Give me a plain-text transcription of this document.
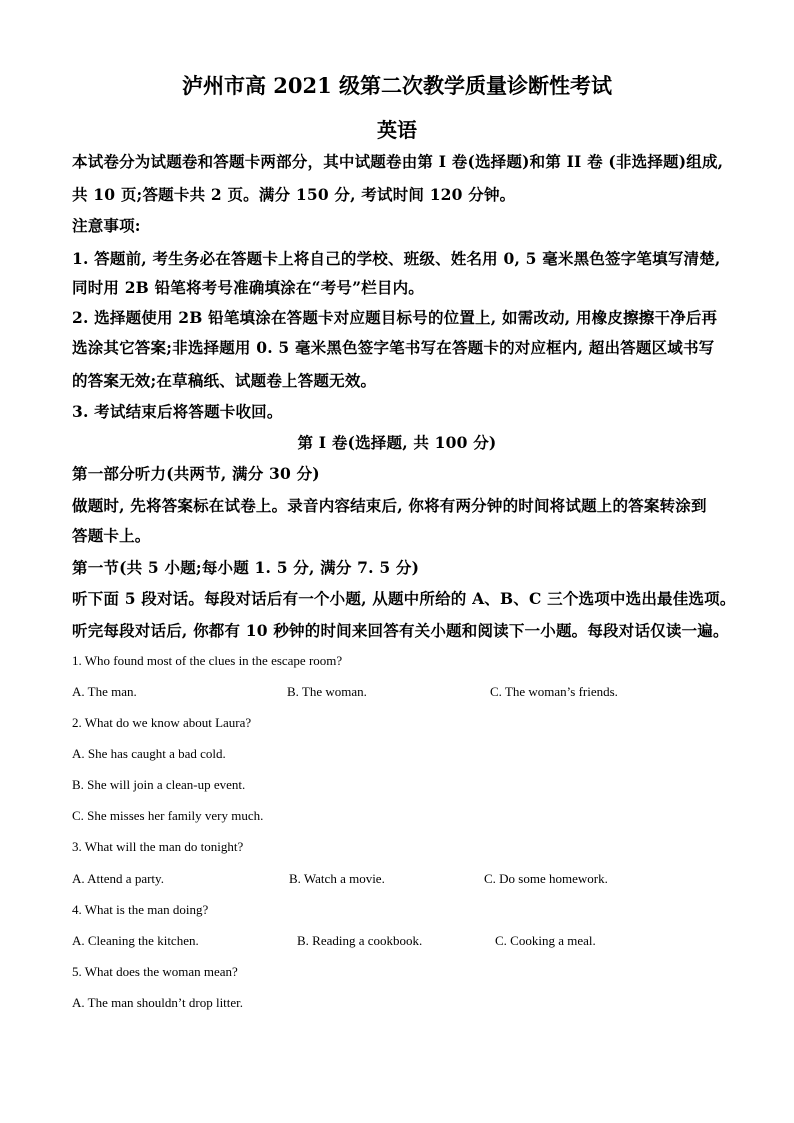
泸州市高 2021 级第二次教学质量诊断性考试
英语
本试卷分为试题卷和答题卡两部分，其中试题卷由第 I 卷(选择题)和第 II 卷 (非选择题)组成,
共 10 页;答题卡共 2 页。满分 150 分, 考试时间 120 分钟。
注意事项:
1. 答题前, 考生务必在答题卡上将自己的学校、班级、姓名用 0, 5 毫米黑色签字笔填写清楚,
同时用 2B 铅笔将考号准确填涂在“考号”栏目内。
2. 选择题使用 2B 铅笔填涂在答题卡对应题目标号的位置上, 如需改动, 用橡皮擦擦干净后再
选涂其它答案;非选择题用 0. 5 毫米黑色签字笔书写在答题卡的对应框内, 超出答题区域书写
的答案无效;在草稿纸、试题卷上答题无效。
3. 考试结束后将答题卡收回。
第 I 卷(选择题, 共 100 分)
第一部分听力(共两节, 满分 30 分)
做题时, 先将答案标在试卷上。录音内容结束后, 你将有两分钟的时间将试题上的答案转涂到
答题卡上。
第一节(共 5 小题;每小题 1. 5 分, 满分 7. 5 分)
听下面 5 段对话。每段对话后有一个小题, 从题中所给的 A、B、C 三个选项中选出最佳选项。
听完每段对话后, 你都有 10 秒钟的时间来回答有关小题和阅读下一小题。每段对话仅读一遍。
1. Who found most of the clues in the escape room?
A. The man.	B. The woman.	C. The woman’s friends.
2. What do we know about Laura?
A. She has caught a bad cold.
B. She will join a clean-up event.
C. She misses her family very much.
3. What will the man do tonight?
A. Attend a party.	B. Watch a movie.	C. Do some homework.
4. What is the man doing?
A. Cleaning the kitchen.	B. Reading a cookbook.	C. Cooking a meal.
5. What does the woman mean?
A. The man shouldn’t drop litter.
